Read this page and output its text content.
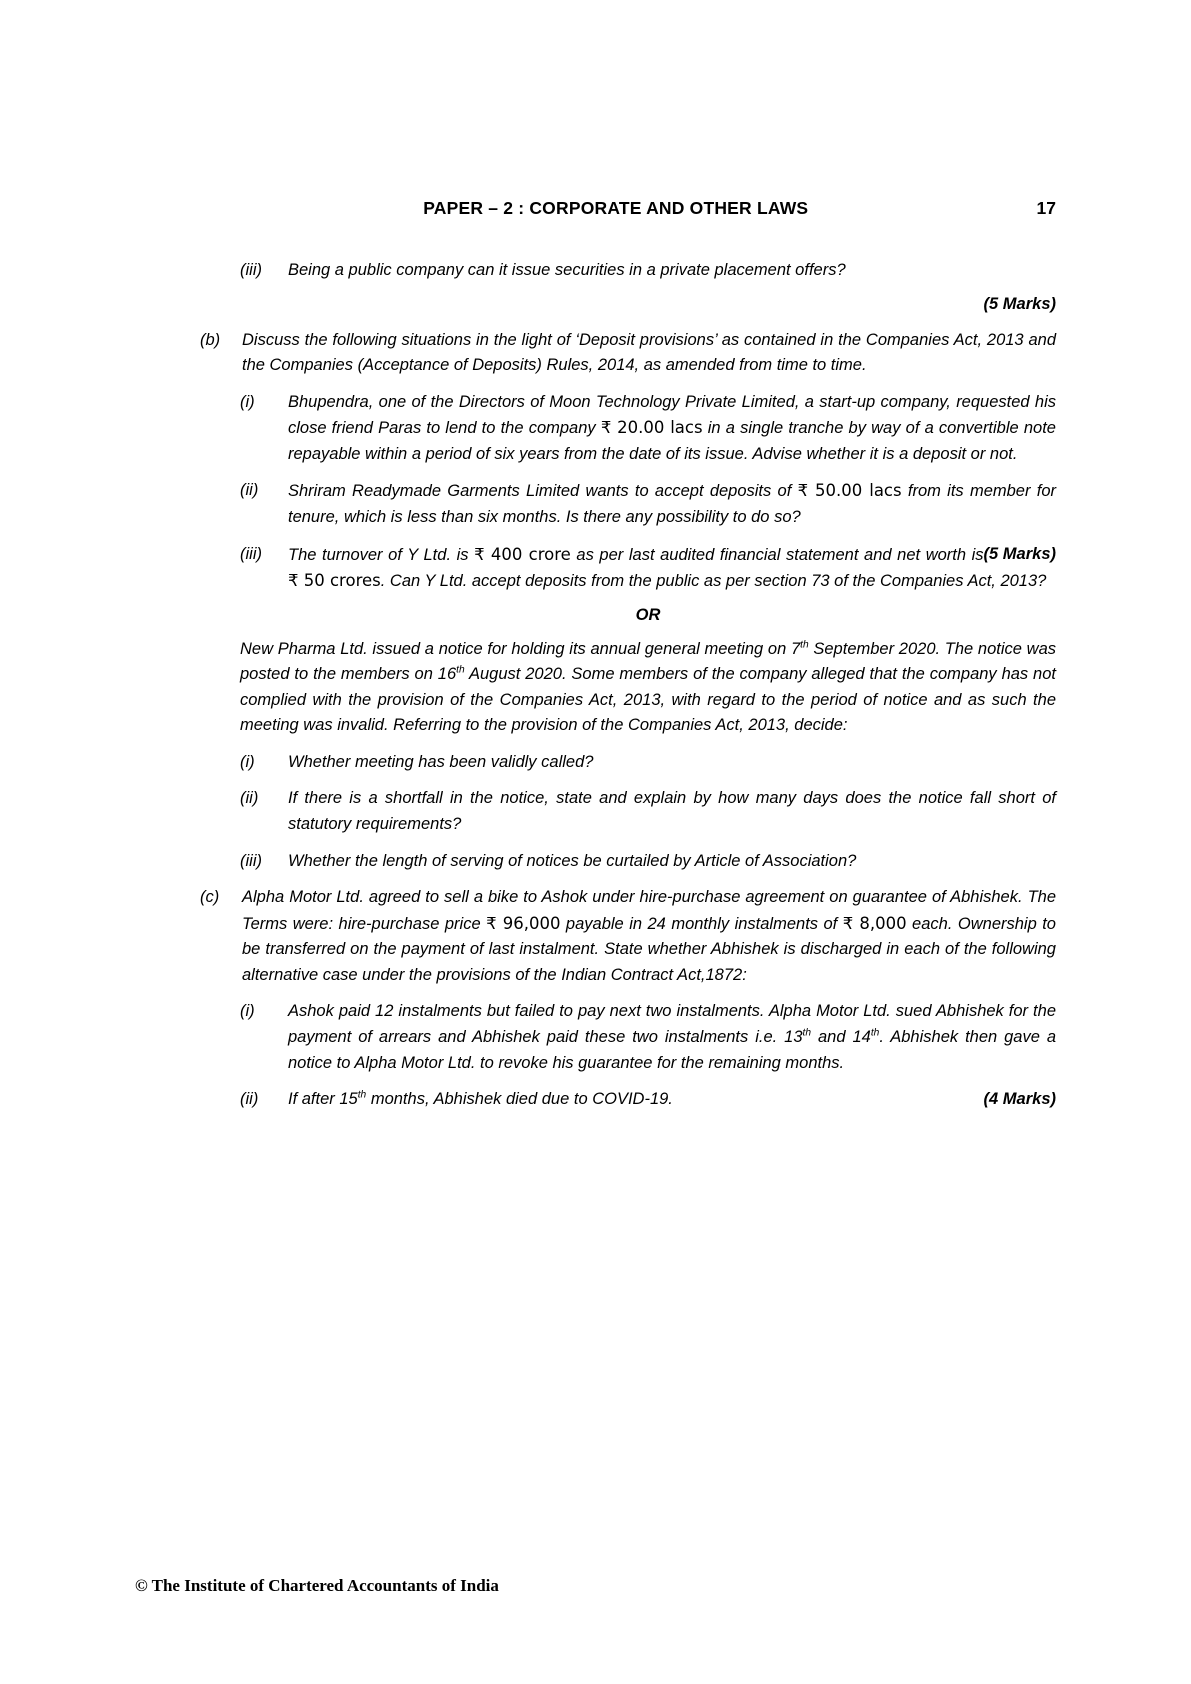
PAPER – 2 : CORPORATE AND OTHER LAWS	17
(iii)	Being a public company can it issue securities in a private placement offers?
(5 Marks)
(b)	Discuss the following situations in the light of ‘Deposit provisions’ as contained in the Companies Act, 2013 and the Companies (Acceptance of Deposits) Rules, 2014, as amended from time to time.
(i)	Bhupendra, one of the Directors of Moon Technology Private Limited, a start-up company, requested his close friend Paras to lend to the company ₹ 20.00 lacs in a single tranche by way of a convertible note repayable within a period of six years from the date of its issue. Advise whether it is a deposit or not.
(ii)	Shriram Readymade Garments Limited wants to accept deposits of ₹ 50.00 lacs from its member for tenure, which is less than six months. Is there any possibility to do so?
(iii)	(5 Marks)
The turnover of Y Ltd. is ₹ 400 crore as per last audited financial statement and net worth is ₹ 50 crores. Can Y Ltd. accept deposits from the public as per section 73 of the Companies Act, 2013?
OR
New Pharma Ltd. issued a notice for holding its annual general meeting on 7th September 2020. The notice was posted to the members on 16th August 2020. Some members of the company alleged that the company has not complied with the provision of the Companies Act, 2013, with regard to the period of notice and as such the meeting was invalid. Referring to the provision of the Companies Act, 2013, decide:
(i)	Whether meeting has been validly called?
(ii)	If there is a shortfall in the notice, state and explain by how many days does the notice fall short of statutory requirements?
(iii)	Whether the length of serving of notices be curtailed by Article of Association?
(c)	Alpha Motor Ltd. agreed to sell a bike to Ashok under hire-purchase agreement on guarantee of Abhishek. The Terms were: hire-purchase price ₹ 96,000 payable in 24 monthly instalments of ₹ 8,000 each. Ownership to be transferred on the payment of last instalment. State whether Abhishek is discharged in each of the following alternative case under the provisions of the Indian Contract Act,1872:
(i)	Ashok paid 12 instalments but failed to pay next two instalments. Alpha Motor Ltd. sued Abhishek for the payment of arrears and Abhishek paid these two instalments i.e. 13th and 14th. Abhishek then gave a notice to Alpha Motor Ltd. to revoke his guarantee for the remaining months.
(ii)	(4 Marks)
If after 15th months, Abhishek died due to COVID-19.
© The Institute of Chartered Accountants of India
